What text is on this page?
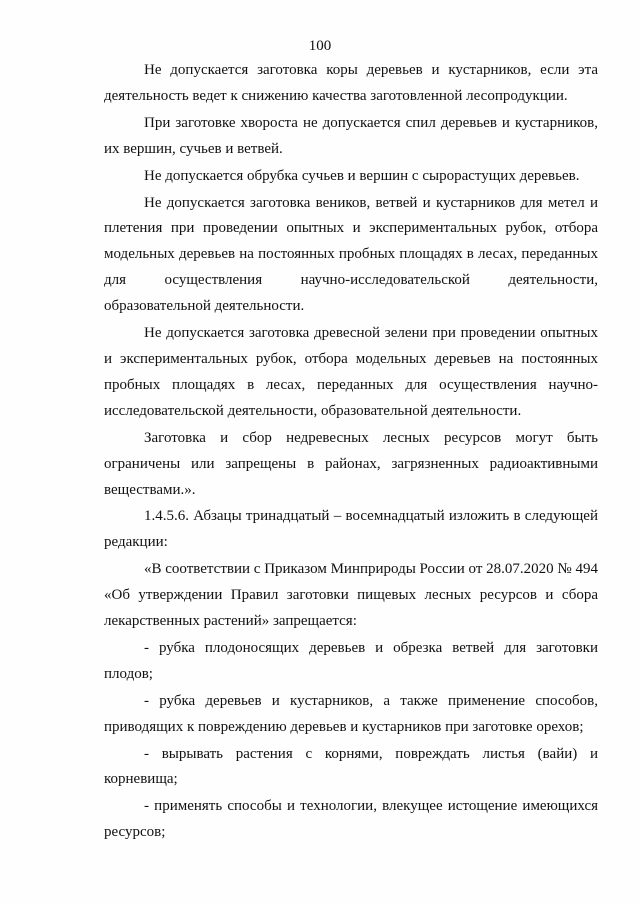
100

Не допускается заготовка коры деревьев и кустарников, если эта деятельность ведет к снижению качества заготовленной лесопродукции.

При заготовке хвороста не допускается спил деревьев и кустарников, их вершин, сучьев и ветвей.

Не допускается обрубка сучьев и вершин с сырорастущих деревьев.

Не допускается заготовка веников, ветвей и кустарников для метел и плетения при проведении опытных и экспериментальных рубок, отбора модельных деревьев на постоянных пробных площадях в лесах, переданных для осуществления научно-исследовательской деятельности, образовательной деятельности.

Не допускается заготовка древесной зелени при проведении опытных и экспериментальных рубок, отбора модельных деревьев на постоянных пробных площадях в лесах, переданных для осуществления научно-исследовательской деятельности, образовательной деятельности.

Заготовка и сбор недревесных лесных ресурсов могут быть ограничены или запрещены в районах, загрязненных радиоактивными веществами.».

1.4.5.6. Абзацы тринадцатый – восемнадцатый изложить в следующей редакции:

«В соответствии с Приказом Минприроды России от 28.07.2020 № 494 «Об утверждении Правил заготовки пищевых лесных ресурсов и сбора лекарственных растений» запрещается:

- рубка плодоносящих деревьев и обрезка ветвей для заготовки плодов;

- рубка деревьев и кустарников, а также применение способов, приводящих к повреждению деревьев и кустарников при заготовке орехов;

- вырывать растения с корнями, повреждать листья (вайи) и корневища;

- применять способы и технологии, влекущее истощение имеющихся ресурсов;
